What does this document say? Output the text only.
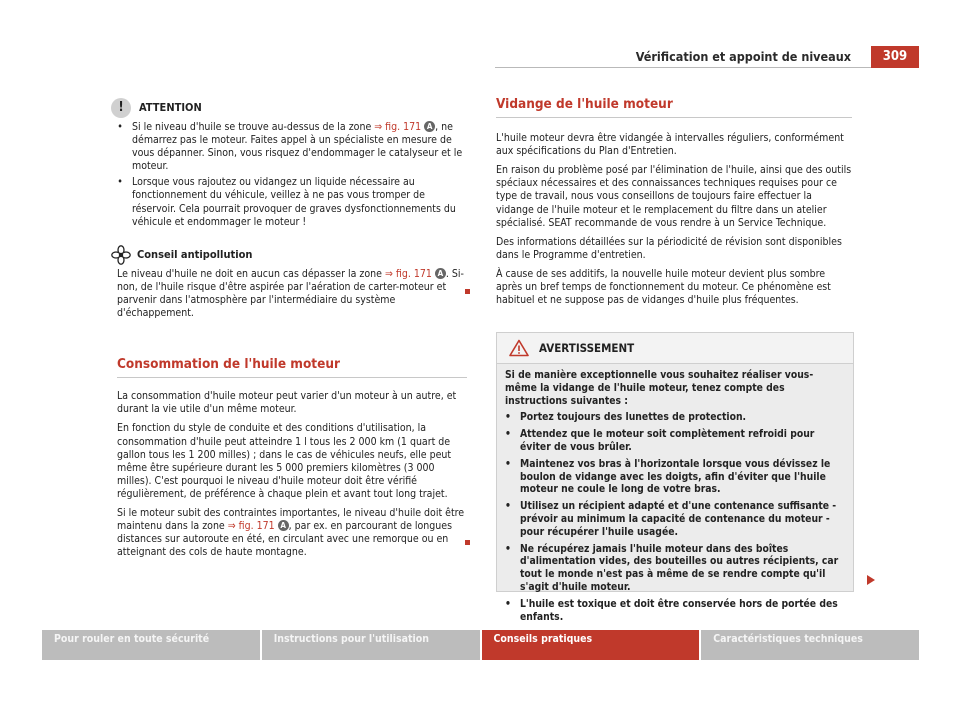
Vérification et appoint de niveaux	309
!	ATTENTION
• Si le niveau d'huile se trouve au-dessus de la zone ⇒ fig. 171 A , ne démarrez pas le moteur. Faites appel à un spécialiste en mesure de vous dépanner. Sinon, vous risquez d'endommager le catalyseur et le moteur.
• Lorsque vous rajoutez ou vidangez un liquide nécessaire au fonctionnement du véhicule, veillez à ne pas vous tromper de réservoir. Cela pourrait provoquer de graves dysfonctionnements du véhicule et endommager le moteur !
Conseil antipollution

Le niveau d'huile ne doit en aucun cas dépasser la zone ⇒ fig. 171 A . Sinon, de l'huile risque d'être aspirée par l'aération de carter-moteur et parvenir dans l'atmosphère par l'intermédiaire du système d'échappement.

Consommation de l'huile moteur

La consommation d'huile moteur peut varier d'un moteur à un autre, et durant la vie utile d'un même moteur.

En fonction du style de conduite et des conditions d'utilisation, la consommation d'huile peut atteindre 1 l tous les 2 000 km (1 quart de gallon tous les 1 200 milles) ; dans le cas de véhicules neufs, elle peut même être supérieure durant les 5 000 premiers kilomètres (3 000 milles). C'est pourquoi le niveau d'huile moteur doit être vérifié régulièrement, de préférence à chaque plein et avant tout long trajet.

Si le moteur subit des contraintes importantes, le niveau d'huile doit être maintenu dans la zone ⇒ fig. 171 A , par ex. en parcourant de longues distances sur autoroute en été, en circulant avec une remorque ou en atteignant des cols de haute montagne.

Vidange de l'huile moteur

L'huile moteur devra être vidangée à intervalles réguliers, conformément aux spécifications du Plan d'Entretien.

En raison du problème posé par l'élimination de l'huile, ainsi que des outils spéciaux nécessaires et des connaissances techniques requises pour ce type de travail, nous vous conseillons de toujours faire effectuer la vidange de l'huile moteur et le remplacement du filtre dans un atelier spécialisé. SEAT recommande de vous rendre à un Service Technique.

Des informations détaillées sur la périodicité de révision sont disponibles dans le Programme d'entretien.

À cause de ses additifs, la nouvelle huile moteur devient plus sombre après un bref temps de fonctionnement du moteur. Ce phénomène est habituel et ne suppose pas de vidanges d'huile plus fréquentes.

AVERTISSEMENT

Si de manière exceptionnelle vous souhaitez réaliser vous-même la vidange de l'huile moteur, tenez compte des instructions suivantes :

• Portez toujours des lunettes de protection.
• Attendez que le moteur soit complètement refroidi pour éviter de vous brûler.
• Maintenez vos bras à l'horizontale lorsque vous dévissez le boulon de vidange avec les doigts, afin d'éviter que l'huile moteur ne coule le long de votre bras.
• Utilisez un récipient adapté et d'une contenance suffisante - prévoir au minimum la capacité de contenance du moteur - pour récupérer l'huile usagée.
• Ne récupérez jamais l'huile moteur dans des boîtes d'alimentation vides, des bouteilles ou autres récipients, car tout le monde n'est pas à même de se rendre compte qu'il s'agit d'huile moteur.
• L'huile est toxique et doit être conservée hors de portée des enfants.
Pour rouler en toute sécurité	Instructions pour l'utilisation	Conseils pratiques	Caractéristiques techniques
